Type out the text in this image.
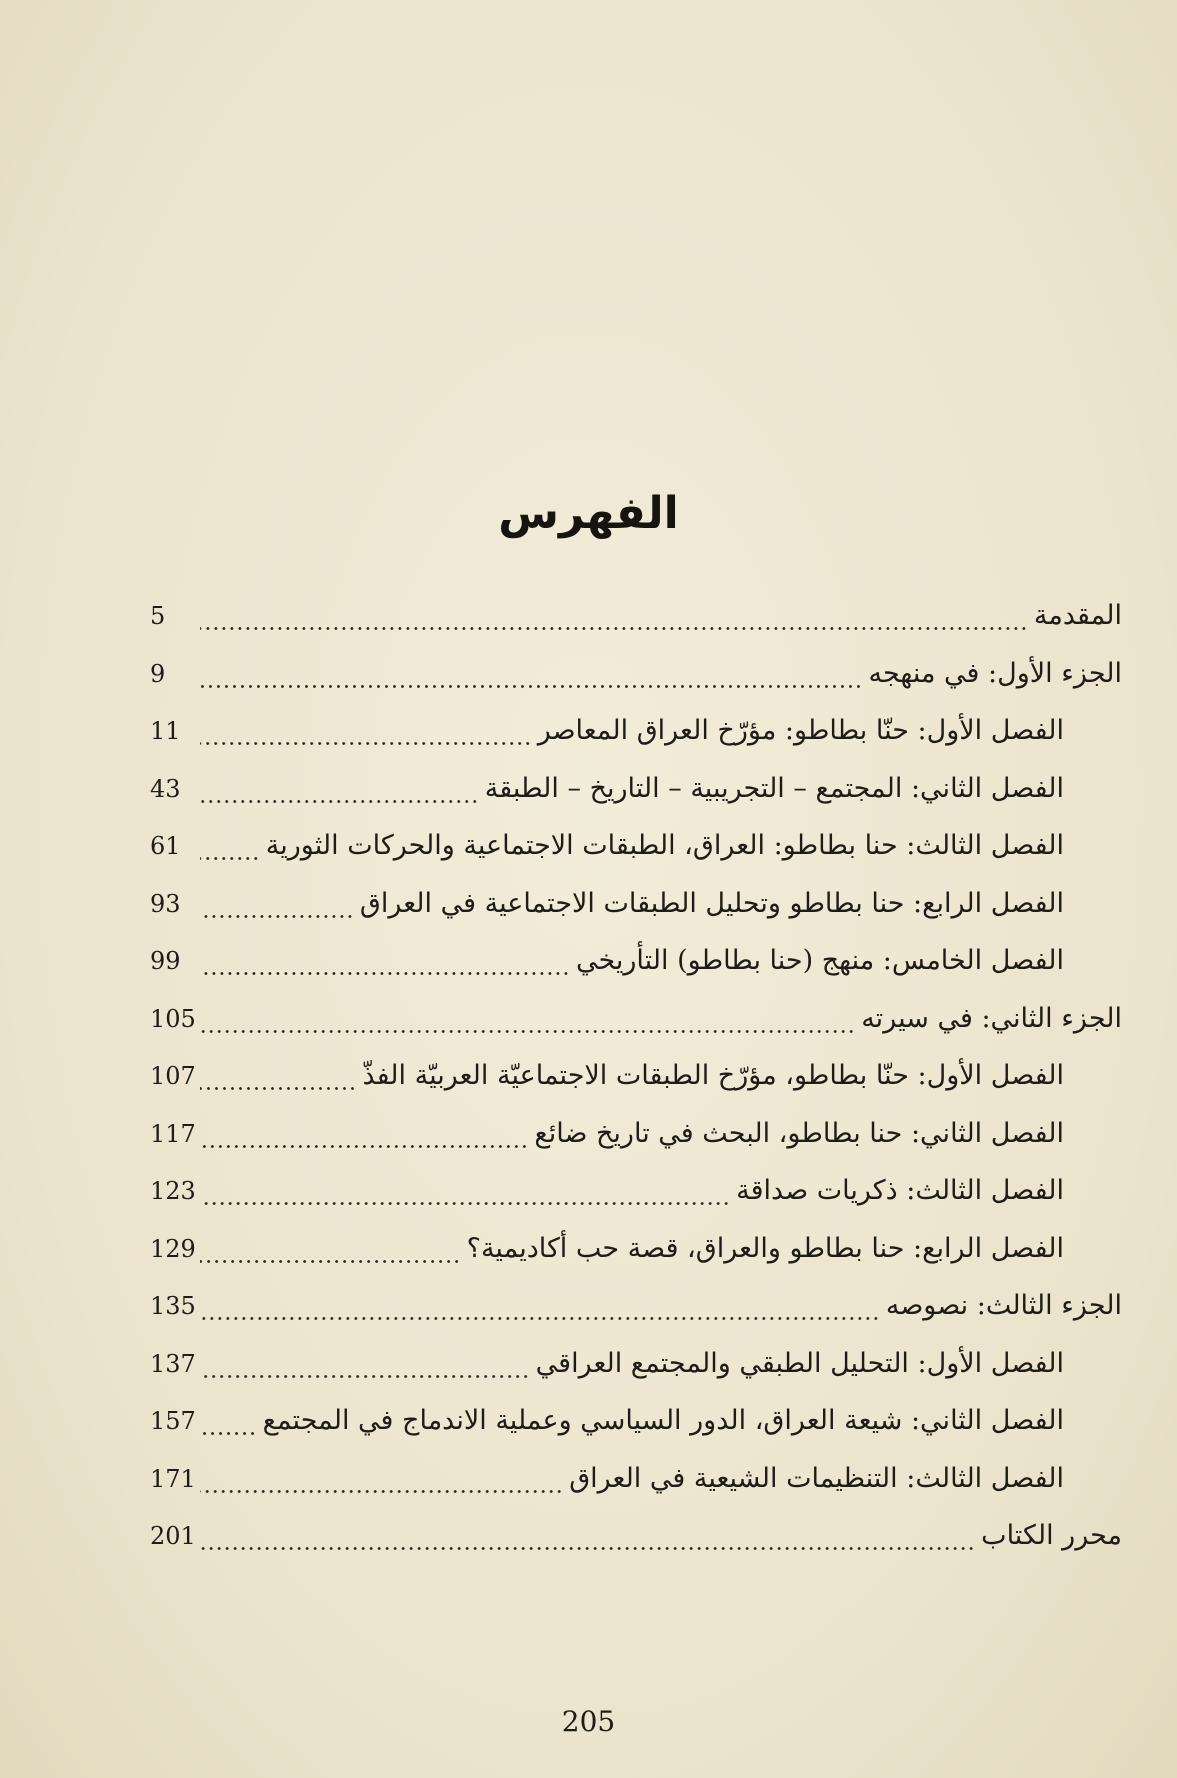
الفهرس
المقدمة
5
الجزء الأول: في منهجه
9
الفصل الأول: حنّا بطاطو: مؤرّخ العراق المعاصر
11
الفصل الثاني: المجتمع – التجريبية – التاريخ – الطبقة
43
الفصل الثالث: حنا بطاطو: العراق، الطبقات الاجتماعية والحركات الثورية
61
الفصل الرابع: حنا بطاطو وتحليل الطبقات الاجتماعية في العراق
93
الفصل الخامس: منهج (حنا بطاطو) التأريخي
99
الجزء الثاني: في سيرته
105
الفصل الأول: حنّا بطاطو، مؤرّخ الطبقات الاجتماعيّة العربيّة الفذّ
107
الفصل الثاني: حنا بطاطو، البحث في تاريخ ضائع
117
الفصل الثالث: ذكريات صداقة
123
الفصل الرابع: حنا بطاطو والعراق، قصة حب أكاديمية؟
129
الجزء الثالث: نصوصه
135
الفصل الأول: التحليل الطبقي والمجتمع العراقي
137
الفصل الثاني: شيعة العراق، الدور السياسي وعملية الاندماج في المجتمع
157
الفصل الثالث: التنظيمات الشيعية في العراق
171
محرر الكتاب
201
205
